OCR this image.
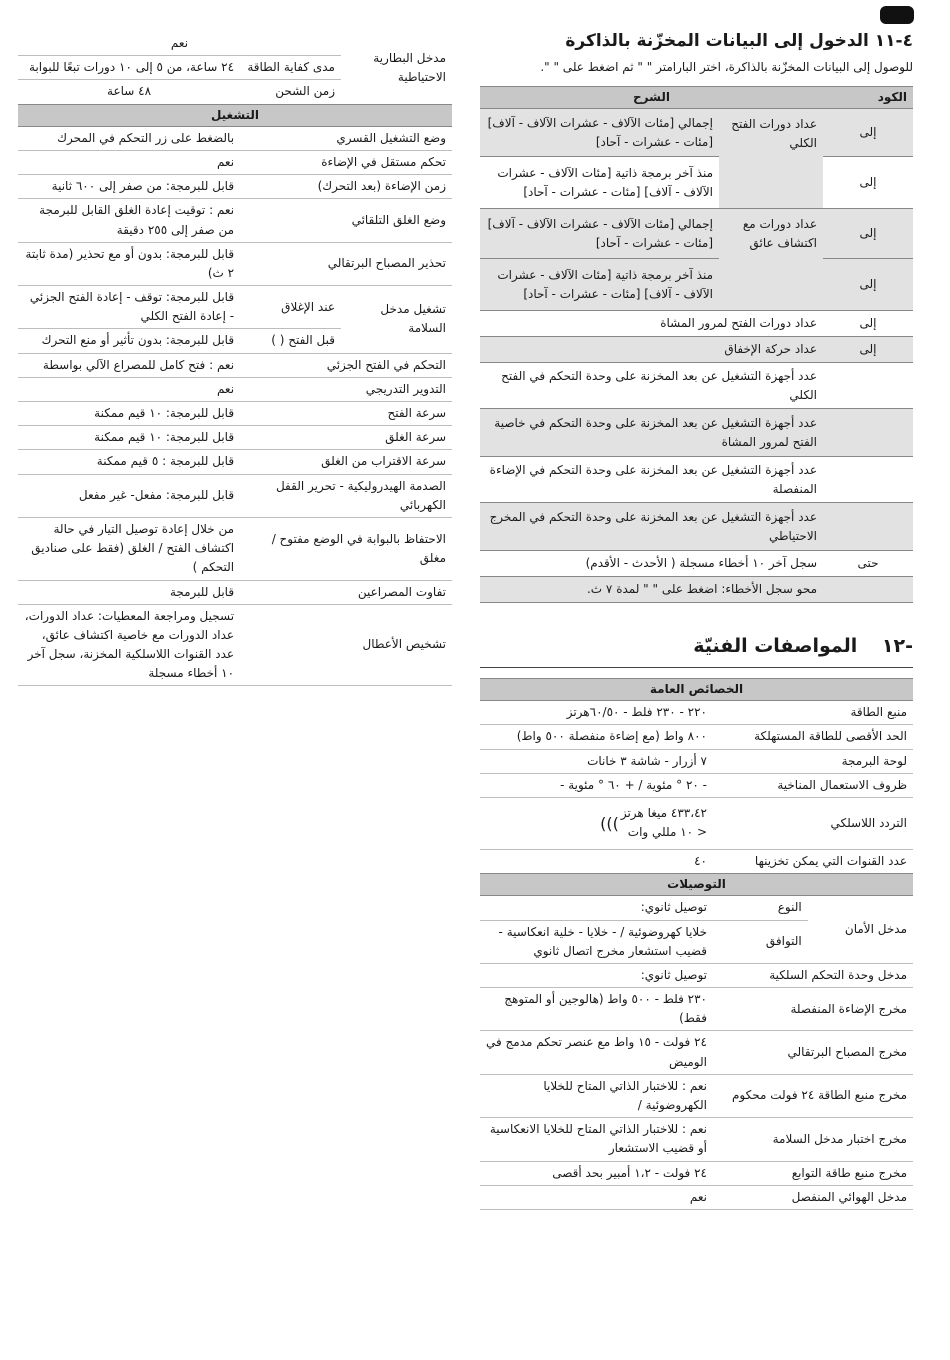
مدخل البطارية الاحتياطية	نعم	
	مدى كفاية الطاقة	٢٤ ساعة، من ٥ إلى ١٠ دورات تبعًا للبوابة
	زمن الشحن	٤٨ ساعة
التشغيل		
وضع التشغيل القسري		بالضغط على زر التحكم في المحرك
تحكم مستقل في الإضاءة		نعم
زمن الإضاءة (بعد التحرك)		قابل للبرمجة: من صفر إلى ٦٠٠ ثانية
وضع الغلق التلقائي		نعم : توقيت إعادة الغلق القابل للبرمجة من صفر إلى ٢٥٥ دقيقة
تحذير المصباح البرتقالي		قابل للبرمجة: بدون أو مع تحذير (مدة ثابتة ٢ ث)
تشغيل مدخل السلامة	عند الإغلاق	قابل للبرمجة: توقف - إعادة الفتح الجزئي - إعادة الفتح الكلي
	قبل الفتح ( )	قابل للبرمجة: بدون تأثير أو منع التحرك
التحكم في الفتح الجزئي		نعم : فتح كامل للمصراع الآلي بواسطة
التدوير التدريجي		نعم
سرعة الفتح		قابل للبرمجة: ١٠ قيم ممكنة
سرعة الغلق		قابل للبرمجة: ١٠ قيم ممكنة
سرعة الاقتراب من الغلق		قابل للبرمجة : ٥ قيم ممكنة
الصدمة الهيدروليكية - تحرير القفل الكهربائي		قابل للبرمجة: مفعل- غير مفعل
الاحتفاظ بالبوابة في الوضع مفتوح / مغلق		من خلال إعادة توصيل التيار في حالة اكتشاف الفتح / الغلق (فقط على صناديق التحكم )
تفاوت المصراعين		قابل للبرمجة
تشخيص الأعطال		تسجيل ومراجعة المعطيات: عداد الدورات، عداد الدورات مع خاصية اكتشاف عائق، عدد القنوات اللاسلكية المخزنة، سجل آخر ١٠ أخطاء مسجلة
٤-١١ الدخول إلى البيانات المخزّنة بالذاكرة
للوصول إلى البيانات المخزّنة بالذاكرة، اختر البارامتر " " ثم اضغط على " ".
الكود	الشرح	
إلى	عداد دورات الفتح الكلي	إجمالي [مئات الآلاف - عشرات الآلاف - آلاف] [مئات - عشرات - آحاد]
إلى		منذ آخر برمجة ذاتية [مئات الآلاف - عشرات الآلاف - آلاف] [مئات - عشرات - آحاد]
إلى	عداد دورات مع اكتشاف عائق	إجمالي [مئات الآلاف - عشرات الآلاف - آلاف] [مئات - عشرات - آحاد]
إلى		منذ آخر برمجة ذاتية [مئات الآلاف - عشرات الآلاف - آلاف] [مئات - عشرات - آحاد]
إلى	عداد دورات الفتح لمرور المشاة	
إلى	عداد حركة الإخفاق	
	عدد أجهزة التشغيل عن بعد المخزنة على وحدة التحكم في الفتح الكلي	
	عدد أجهزة التشغيل عن بعد المخزنة على وحدة التحكم في خاصية الفتح لمرور المشاة	
	عدد أجهزة التشغيل عن بعد المخزنة على وحدة التحكم في الإضاءة المنفصلة	
	عدد أجهزة التشغيل عن بعد المخزنة على وحدة التحكم في المخرج الاحتياطي	
حتى	سجل آخر ١٠ أخطاء مسجلة ( الأحدث - الأقدم)	
	محو سجل الأخطاء: اضغط على " " لمدة ٧ ث.	
-١٢ المواصفات الفنيّة
الخصائص العامة		
منبع الطاقة		٢٢٠ - ٢٣٠ فلط - ٦٠/٥٠هرتز
الحد الأقصى للطاقة المستهلكة		٨٠٠ واط (مع إضاءة منفصلة ٥٠٠ واط)
لوحة البرمجة		٧ أزرار - شاشة ٣ خانات
ظروف الاستعمال المناخية		- ٢٠ ° مئوية / + ٦٠ ° مئوية -
التردد اللاسلكي		٤٣٣،٤٢ ميغا هرتز
< ١٠ مللي وات
)))

عدد القنوات التي يمكن تخزينها		٤٠
التوصيلات		
مدخل الأمان	النوع	توصيل ثانوي:
	التوافق	خلايا كهروضوئية / - خلايا - خلية انعكاسية - قضيب استشعار مخرج اتصال ثانوي
مدخل وحدة التحكم السلكية		توصيل ثانوي:
مخرج الإضاءة المنفصلة		٢٣٠ فلط - ٥٠٠ واط (هالوجين أو المتوهج فقط)
مخرج المصباح البرتقالي		٢٤ فولت - ١٥ واط مع عنصر تحكم مدمج في الوميض
مخرج منبع الطاقة ٢٤ فولت محكوم		نعم : للاختبار الذاتي المتاح للخلايا الكهروضوئية /
مخرج اختبار مدخل السلامة		نعم : للاختبار الذاتي المتاح للخلايا الانعكاسية أو قضيب الاستشعار
مخرج منبع طاقة التوابع		٢٤ فولت - ١،٢ أمبير بحد أقصى
مدخل الهوائي المنفصل		نعم
